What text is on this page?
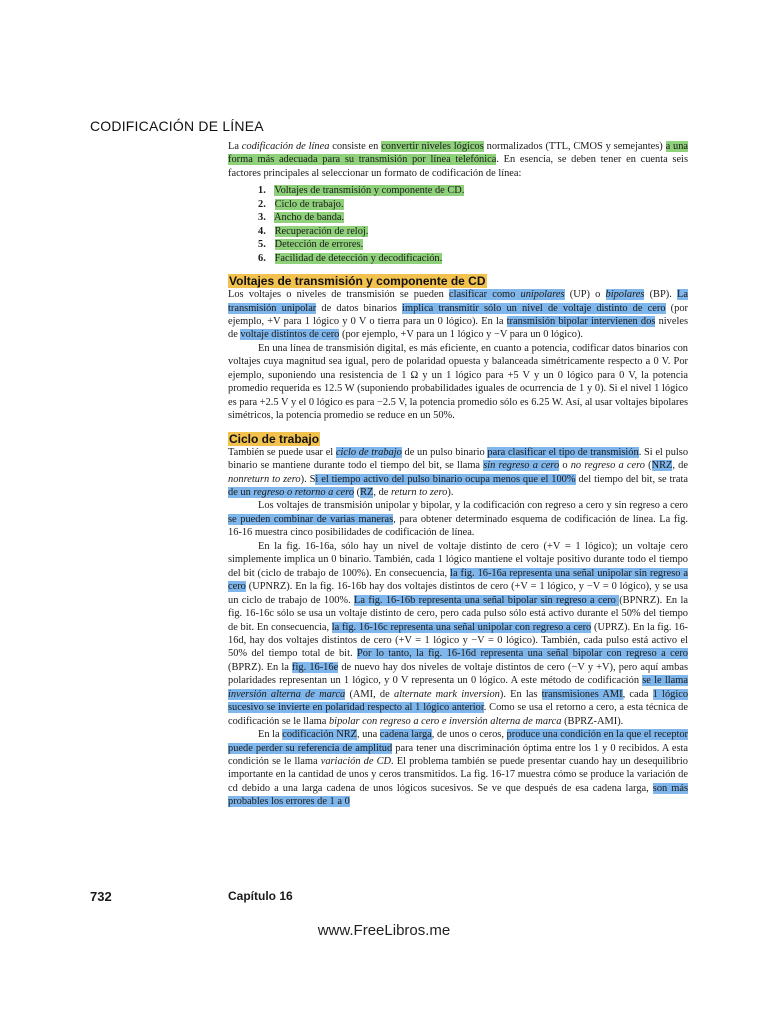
CODIFICACIÓN DE LÍNEA

La codificación de línea consiste en convertir niveles lógicos normalizados (TTL, CMOS y semejantes) a una forma más adecuada para su transmisión por línea telefónica. En esencia, se deben tener en cuenta seis factores principales al seleccionar un formato de codificación de línea:

1. Voltajes de transmisión y componente de CD.
2. Ciclo de trabajo.
3. Ancho de banda.
4. Recuperación de reloj.
5. Detección de errores.
6. Facilidad de detección y decodificación.
Voltajes de transmisión y componente de CD

Los voltajes o niveles de transmisión se pueden clasificar como unipolares (UP) o bipolares (BP). La transmisión unipolar de datos binarios implica transmitir sólo un nivel de voltaje distinto de cero (por ejemplo, +V para 1 lógico y 0 V o tierra para un 0 lógico). En la transmisión bipolar intervienen dos niveles de voltaje distintos de cero (por ejemplo, +V para un 1 lógico y −V para un 0 lógico).

En una línea de transmisión digital, es más eficiente, en cuanto a potencia, codificar datos binarios con voltajes cuya magnitud sea igual, pero de polaridad opuesta y balanceada simétricamente respecto a 0 V. Por ejemplo, suponiendo una resistencia de 1 Ω y un 1 lógico para +5 V y un 0 lógico para 0 V, la potencia promedio requerida es 12.5 W (suponiendo probabilidades iguales de ocurrencia de 1 y 0). Si el nivel 1 lógico es para +2.5 V y el 0 lógico es para −2.5 V, la potencia promedio sólo es 6.25 W. Así, al usar voltajes bipolares simétricos, la potencia promedio se reduce en un 50%.

Ciclo de trabajo

También se puede usar el ciclo de trabajo de un pulso binario para clasificar el tipo de transmisión. Si el pulso binario se mantiene durante todo el tiempo del bit, se llama sin regreso a cero o no regreso a cero (NRZ, de nonreturn to zero). Si el tiempo activo del pulso binario ocupa menos que el 100% del tiempo del bit, se trata de un regreso o retorno a cero (RZ, de return to zero).

Los voltajes de transmisión unipolar y bipolar, y la codificación con regreso a cero y sin regreso a cero se pueden combinar de varias maneras, para obtener determinado esquema de codificación de línea. La fig. 16-16 muestra cinco posibilidades de codificación de línea.

En la fig. 16-16a, sólo hay un nivel de voltaje distinto de cero (+V = 1 lógico); un voltaje cero simplemente implica un 0 binario. También, cada 1 lógico mantiene el voltaje positivo durante todo el tiempo del bit (ciclo de trabajo de 100%). En consecuencia, la fig. 16-16a representa una señal unipolar sin regreso a cero (UPNRZ). En la fig. 16-16b hay dos voltajes distintos de cero (+V = 1 lógico, y −V = 0 lógico), y se usa un ciclo de trabajo de 100%. La fig. 16-16b representa una señal bipolar sin regreso a cero (BPNRZ). En la fig. 16-16c sólo se usa un voltaje distinto de cero, pero cada pulso sólo está activo durante el 50% del tiempo de bit. En consecuencia, la fig. 16-16c representa una señal unipolar con regreso a cero (UPRZ). En la fig. 16-16d, hay dos voltajes distintos de cero (+V = 1 lógico y −V = 0 lógico). También, cada pulso está activo el 50% del tiempo total de bit. Por lo tanto, la fig. 16-16d representa una señal bipolar con regreso a cero (BPRZ). En la fig. 16-16e de nuevo hay dos niveles de voltaje distintos de cero (−V y +V), pero aquí ambas polaridades representan un 1 lógico, y 0 V representa un 0 lógico. A este método de codificación se le llama inversión alterna de marca (AMI, de alternate mark inversion). En las transmisiones AMI, cada 1 lógico sucesivo se invierte en polaridad respecto al 1 lógico anterior. Como se usa el retorno a cero, a esta técnica de codificación se le llama bipolar con regreso a cero e inversión alterna de marca (BPRZ-AMI).

En la codificación NRZ, una cadena larga, de unos o ceros, produce una condición en la que el receptor puede perder su referencia de amplitud para tener una discriminación óptima entre los 1 y 0 recibidos. A esta condición se le llama variación de CD. El problema también se puede presentar cuando hay un desequilibrio importante en la cantidad de unos y ceros transmitidos. La fig. 16-17 muestra cómo se produce la variación de cd debido a una larga cadena de unos lógicos sucesivos. Se ve que después de esa cadena larga, son más probables los errores de 1 a 0

732	Capítulo 16
www.FreeLibros.me
